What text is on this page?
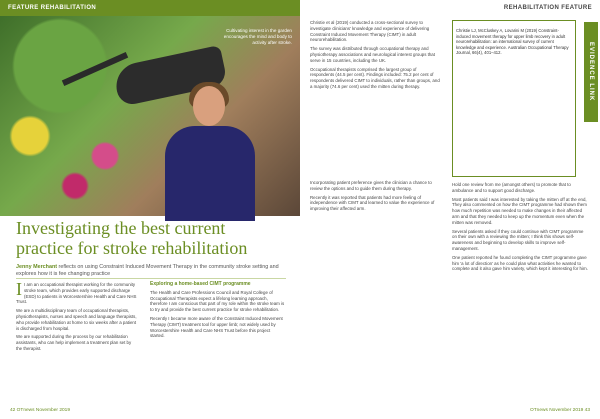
FEATURE REHABILITATION
Cultivating interest in the garden encourages the mind and body to activity after stroke.
Investigating the best current
practice for stroke rehabilitation
Jenny Merchant reflects on using Constraint Induced Movement Therapy in the community stroke setting and explores how it is fee changing practice

I I am an occupational therapist working for the community stroke team, which provides early supported discharge (ESD) to patients in Worcestershire Health and Care NHS Trust.

We are a multidisciplinary team of occupational therapists, physiotherapists, nurses and speech and language therapists, who provide rehabilitation at home to six weeks after a patient is discharged from hospital.

We are supported during the process by our rehabilitation assistants, who can help implement a treatment plan set by the therapist.

Exploring a home-based CIMT programme

The Health and Care Professions Council and Royal College of Occupational Therapists expect a lifelong learning approach, therefore I am conscious that part of my role within the stroke team is to try and provide the best current practice for stroke rehabilitation.

Recently I became more aware of the Constraint Induced Movement Therapy (CIMT) treatment tool for upper limb; not widely used by Worcestershire Health and Care NHS Trust before this project started.

42 OTnews November 2019
REHABILITATION FEATURE

Christie et al (2019) conducted a cross-sectional survey to investigate clinicians' knowledge and experience of delivering Constraint Induced Movement Therapy (CIMT) in adult neurorehabilitation.

The survey was distributed through occupational therapy and physiotherapy associations and neurological interest groups that serve in 15 countries, including the UK.

Occupational therapists comprised the largest group of respondents (44.5 per cent). Findings included: 75.2 per cent of respondents delivered CIMT to individuals, rather than groups, and a majority (74.6 per cent) used the mitten during therapy.

Christie LJ, McCluskey A, Lovarini M (2019) Constraint-induced movement therapy for upper limb recovery in adult neurorehabilitation: an international survey of current knowledge and experience. Australian Occupational Therapy Journal, 66(4), 401–412.	EVIDENCE LINK

Incorporating patient preference gives the clinician a chance to review the options and to guide them during therapy.

Recently it was reported that patients had more feeling of independence with CIMT and learned to value the experience of improving their affected arm.

Hold one review from me (amongst others) to promote that to ambulance and to support good discharge.

Most patients said I was interested by taking the mitten off at the end, They also commented on how the CIMT programme had shown them how much repetition was needed to make changes in their affected arm and that they needed to keep up the momentum even when the mitten was removed.

Several patients asked if they could continue with CIMT programme on their own with a reviewing the mitten; I think this shows self-awareness and beginning to develop skills to improve self-management.

One patient reported he found completing the CIMT programme gave him 'a lot of direction' as he could plan what activities he wanted to complete and it also gave him variety, which kept it interesting for him.

OTnews November 2019 43
